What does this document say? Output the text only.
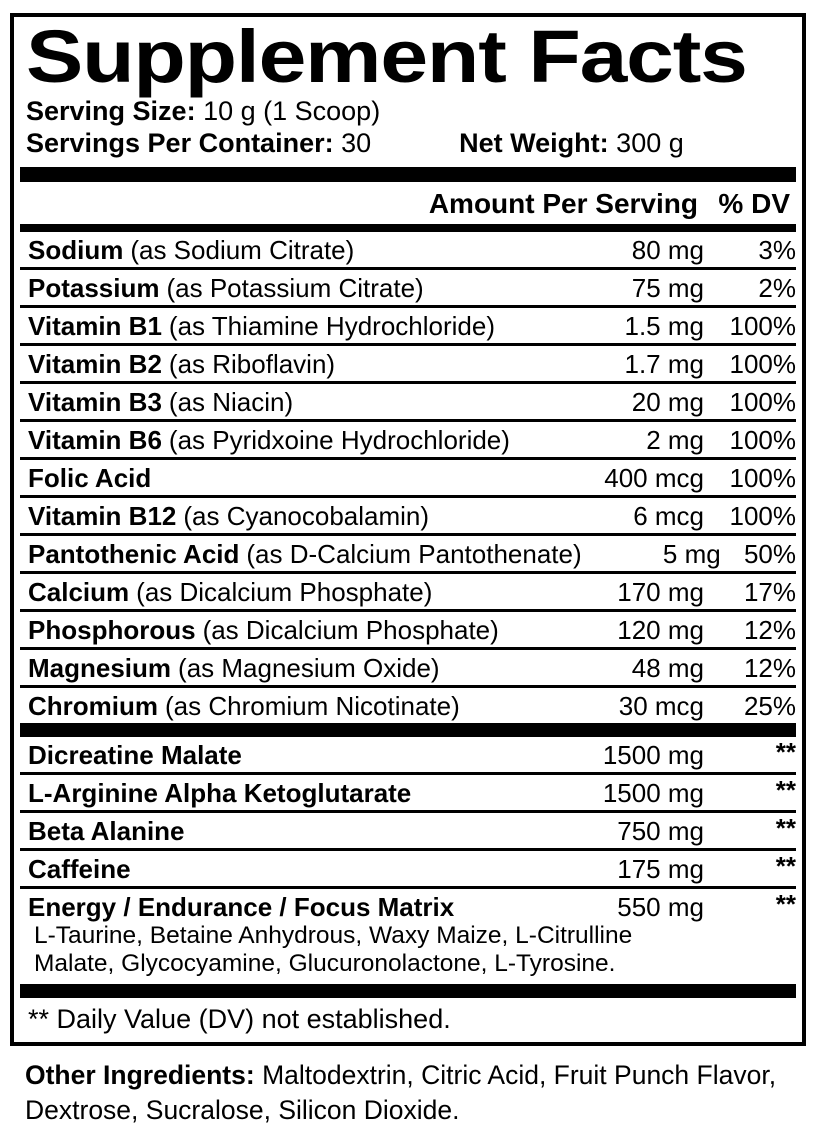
Supplement Facts
Serving Size: 10 g (1 Scoop)
Servings Per Container: 30	Net Weight: 300 g
Amount Per Serving % DV
Sodium (as Sodium Citrate)	80 mg	3%
Potassium (as Potassium Citrate)	75 mg	2%
Vitamin B1 (as Thiamine Hydrochloride)	1.5 mg 100%
Vitamin B2 (as Riboflavin)	1.7 mg 100%
Vitamin B3 (as Niacin)	20 mg 100%
Vitamin B6 (as Pyridxoine Hydrochloride)	2 mg 100%
Folic Acid	400 mcg 100%
Vitamin B12 (as Cyanocobalamin)	6 mcg 100%
Pantothenic Acid (as D-Calcium Pantothenate)	5 mg 50%
Calcium (as Dicalcium Phosphate)	170 mg	17%
Phosphorous (as Dicalcium Phosphate)	120 mg	12%
Magnesium (as Magnesium Oxide)	48 mg	12%
Chromium (as Chromium Nicotinate)	30 mcg	25%
Dicreatine Malate	1500 mg	**
L-Arginine Alpha Ketoglutarate	1500 mg	**
Beta Alanine	750 mg	**
Caffeine	175 mg	**
Energy / Endurance / Focus Matrix	550 mg	**
L-Taurine, Betaine Anhydrous, Waxy Maize, L-Citrulline Malate, Glycocyamine, Glucuronolactone, L-Tyrosine.
** Daily Value (DV) not established.
Other Ingredients: Maltodextrin, Citric Acid, Fruit Punch Flavor, Dextrose, Sucralose, Silicon Dioxide.
